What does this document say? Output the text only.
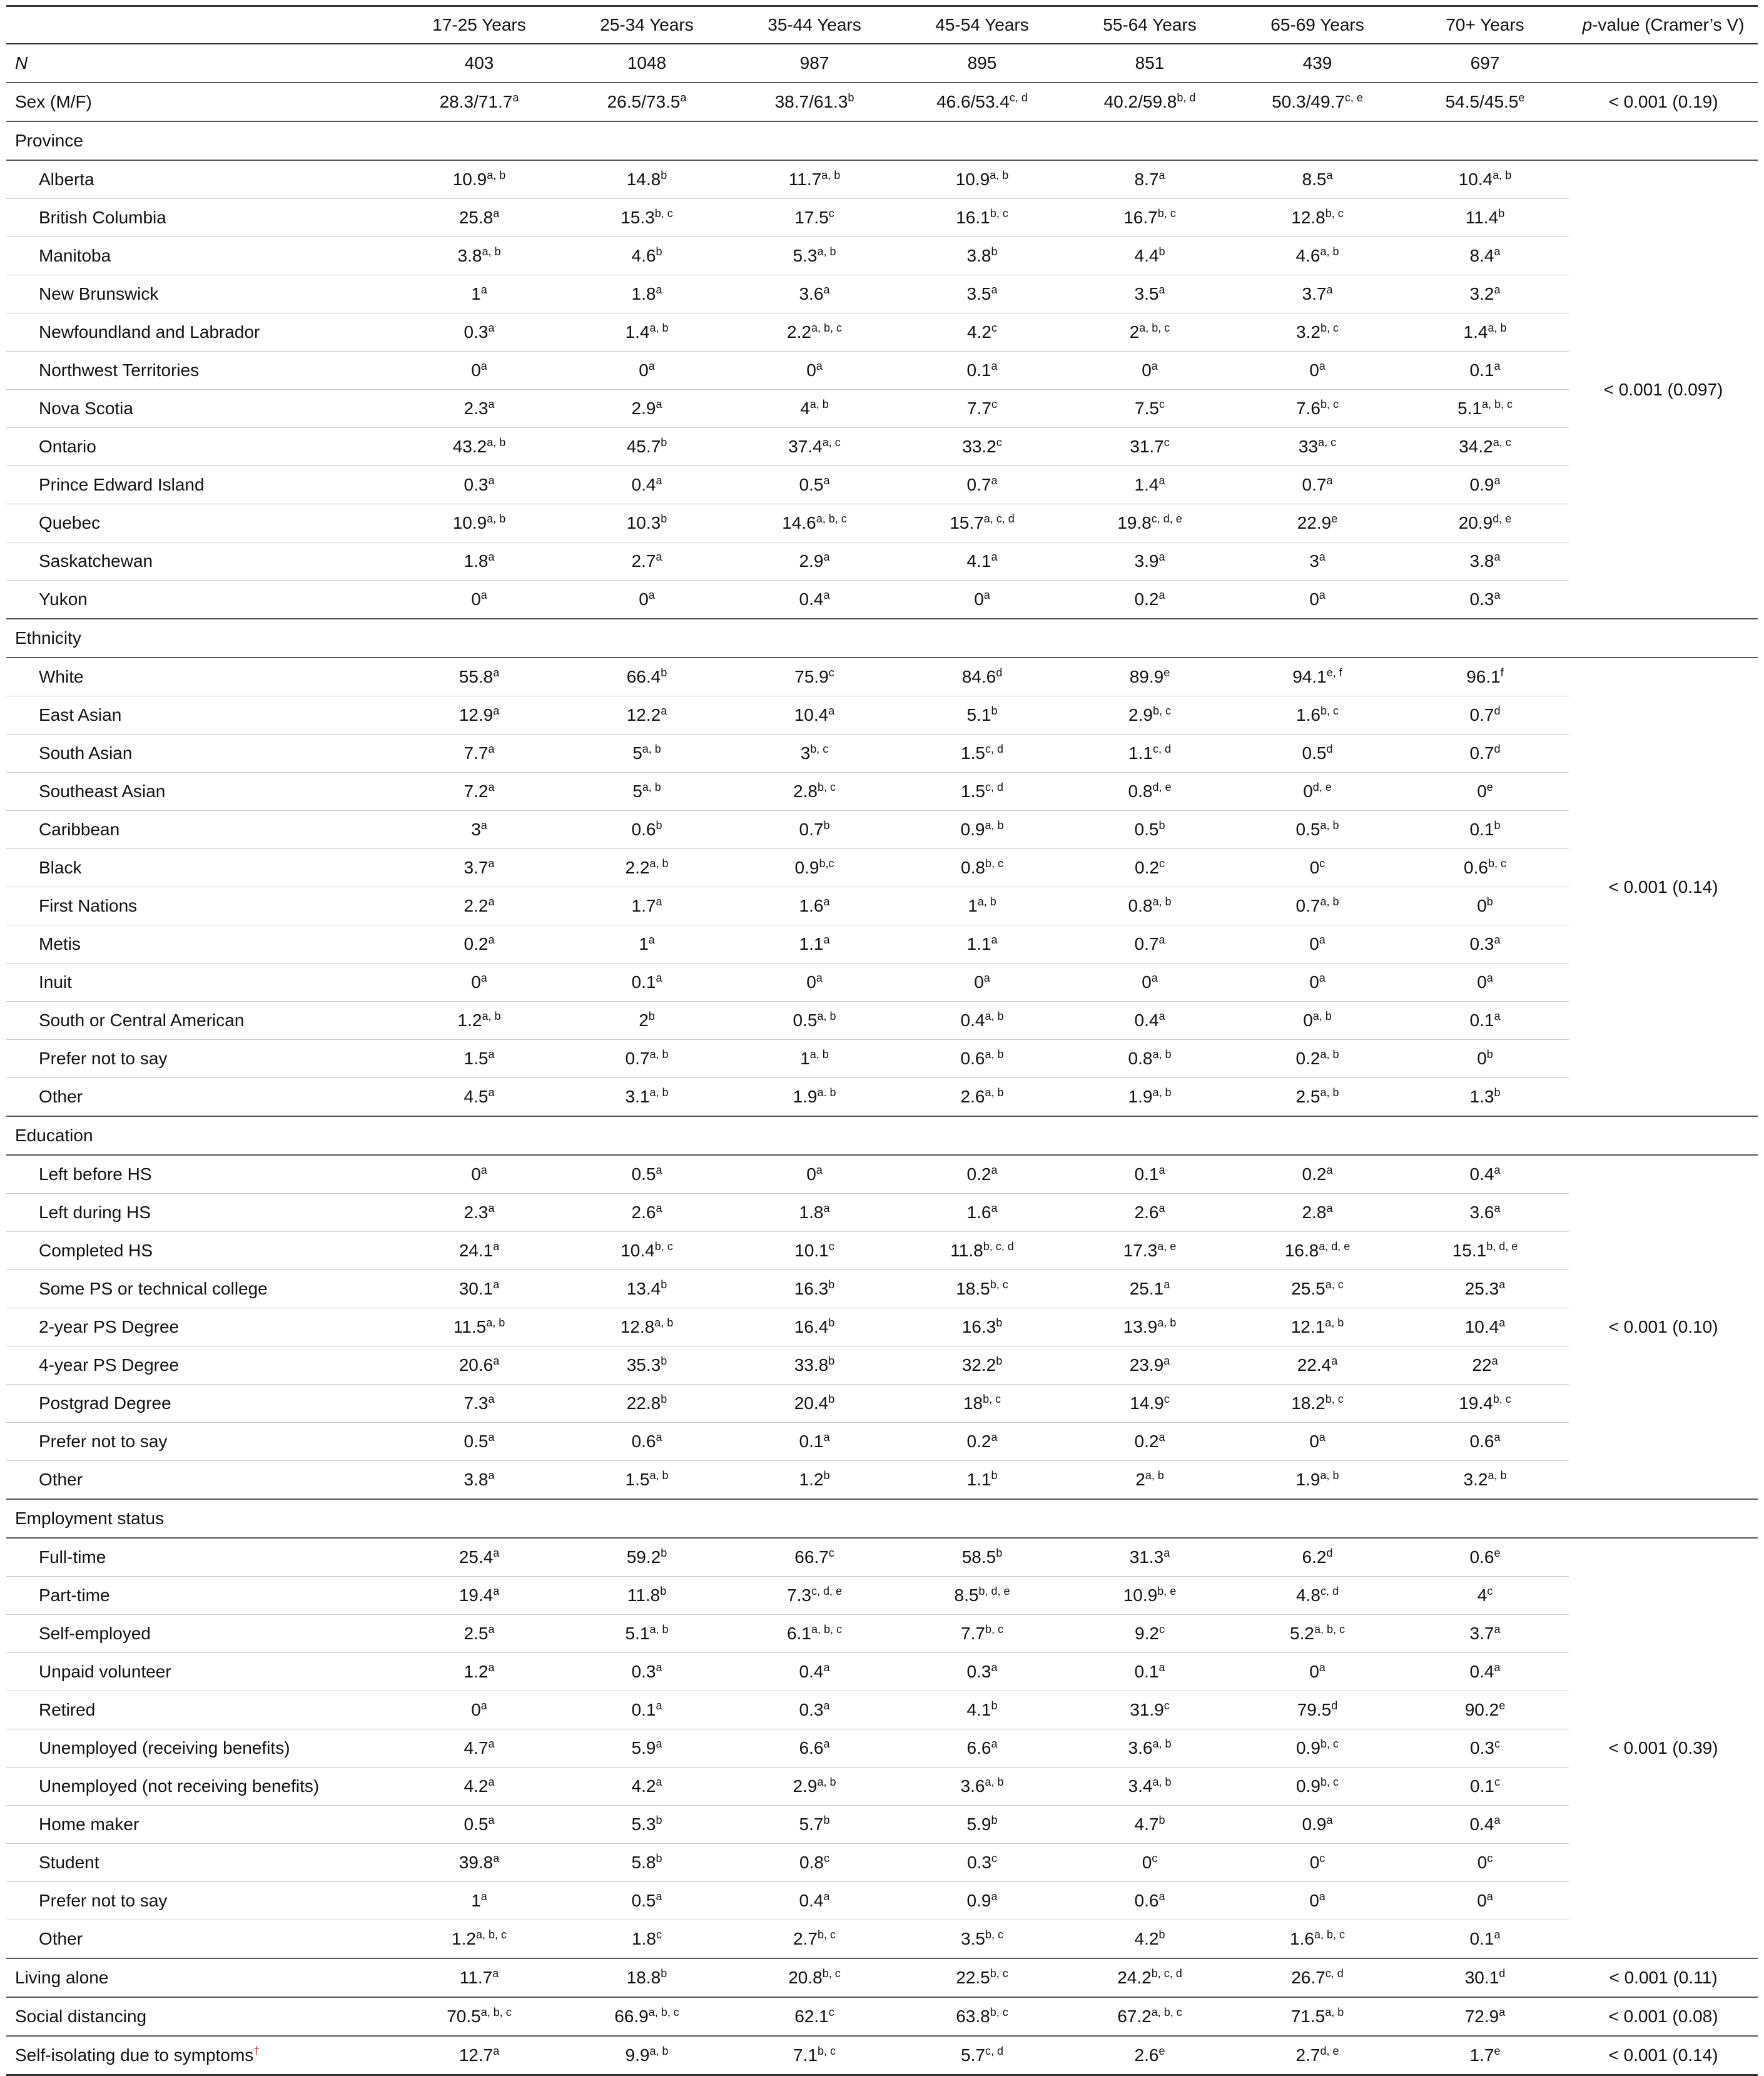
	17-25 Years	25-34 Years	35-44 Years	45-54 Years	55-64 Years	65-69 Years	70+ Years	p-value (Cramer’s V)
N	403	1048	987	895	851	439	697	
Sex (M/F)	28.3/71.7$^a$	26.5/73.5$^a$	38.7/61.3$^b$	46.6/53.4$^{c, d}$	40.2/59.8$^{b, d}$	50.3/49.7$^{c, e}$	54.5/45.5$^e$	< 0.001 (0.19)
Province								
Alberta	10.9$^{a, b}$	14.8$^b$	11.7$^{a, b}$	10.9$^{a, b}$	8.7$^a$	8.5$^a$	$10.4^{a, b}$	< 0.001 (0.097)
British Columbia	25.8$^a$	15.3$^{b, c}$	17.5$^c$	16.1$^{b, c}$	16.7$^{b, c}$	12.8$^{b, c}$	11.4$^b$
Manitoba	3.8$^{a, b}$	4.6$^b$	5.3$^{a, b}$	3.8$^b$	4.4$^b$	4.6$^{a, b}$	8.4$^a$
New Brunswick	1$^a$	1.8$^a$	3.6$^a$	3.5$^a$	3.5$^a$	3.7$^a$	3.2$^a$
Newfoundland and Labrador	0.3$^a$	1.4$^{a, b}$	2.2$^{a, b, c}$	4.2$^c$	2$^{a, b, c}$	3.2$^{b, c}$	1.4$^{a, b}$
Northwest Territories	0$^a$	0$^a$	0$^a$	0.1$^a$	0$^a$	0$^a$	0.1$^a$
Nova Scotia	2.3$^a$	2.9$^a$	4$^{a, b}$	7.7$^c$	7.5$^c$	7.6$^{b, c}$	5.1$^{a, b, c}$
Ontario	43.2$^{a, b}$	45.7$^b$	37.4$^{a, c}$	33.2$^c$	31.7$^c$	33$^{a, c}$	34.2$^{a, c}$
Prince Edward Island	0.3$^a$	0.4$^a$	0.5$^a$	0.7$^a$	1.4$^a$	0.7$^a$	0.9$^a$
Quebec	10.9$^{a, b}$	10.3$^b$	14.6$^{a, b, c}$	15.7$^{a, c, d}$	19.8$^{c, d, e}$	22.9e	20.9$^{d, e}$
Saskatchewan	1.8$^a$	2.7$^a$	2.9$^a$	4.1$^a$	3.9$^a$	3$^a$	3.8$^a$
Yukon	0$^a$	0$^a$	0.4$^a$	0$^a$	0.2$^a$	0$^a$	0.3$^a$
Ethnicity								
White	55.8$^a$	66.4$^b$	75.9$^c$	84.6$^d$	89.9e	94.1$^{e, f}$	96.1$^f$	< 0.001 (0.14)
East Asian	12.9$^a$	12.2$^a$	10.4$^a$	5.1$^b$	2.9$^{b, c}$	1.6$^{b, c}$	0.7$^d$
South Asian	7.7$^a$	5$^{a, b}$	3$^{b, c}$	1.5$^{c, d}$	1.1$^{c, d}$	0.5$^d$	0.7$^d$
Southeast Asian	7.2$^a$	5$^{a, b}$	2.8$^{b, c}$	1.5$^{c, d}$	0.8$^{d, e}$	0$^{d, e}$	0e
Caribbean	3$^a$	0.6$^b$	0.7$^b$	0.9$^{a, b}$	0.5$^b$	0.5$^{a, b}$	0.1$^b$
Black	3.7$^a$	2.2$^{a, b}$	0.9$^{b,c}$	0.8$^{b, c}$	0.2$^c$	0$^c$	0.6$^{b, c}$
First Nations	2.2$^a$	1.7$^a$	1.6$^a$	1$^{a, b}$	0.8$^{a, b}$	0.7$^{a, b}$	0$^b$
Metis	0.2$^a$	1$^a$	1.1$^a$	1.1$^a$	0.7$^a$	0$^a$	0.3$^a$
Inuit	0$^a$	0.1$^a$	0$^a$	0$^a$	0$^a$	0$^a$	0$^a$
South or Central American	1.2$^{a, b}$	2$^b$	0.5$^{a, b}$	0.4$^{a, b}$	0.4$^a$	0$^{a, b}$	0.1$^a$
Prefer not to say	1.5$^a$	0.7$^{a, b}$	1$^{a, b}$	0.6$^{a, b}$	0.8$^{a, b}$	0.2$^{a, b}$	0$^b$
Other	4.5$^a$	3.1$^{a, b}$	$1.9^{a. b}$	2.6$^{a, b}$	1.9$^{a, b}$	2.5$^{a, b}$	1.3$^b$
Education								
Left before HS	0$^a$	0.5$^a$	0$^a$	0.2$^a$	0.1$^a$	0.2$^a$	0.4$^a$	< 0.001 (0.10)
Left during HS	2.3$^a$	2.6$^a$	1.8$^a$	1.6$^a$	2.6$^a$	2.8$^a$	3.6$^a$
Completed HS	24.1$^a$	10.4$^{b, c}$	10.1$^c$	11.8$^{b, c, d}$	17.3$^{a, e}$	16.8$^{a, d, e}$	15.1$^{b, d, e}$
Some PS or technical college	30.1$^a$	13.4$^b$	16.3$^b$	18.5$^{b, c}$	25.1$^a$	25.5$^{a, c}$	25.3$^a$
2-year PS Degree	11.5$^{a, b}$	12.8$^{a, b}$	16.4$^b$	16.3$^b$	13.9$^{a, b}$	12.1$^{a, b}$	10.4$^a$
4-year PS Degree	20.6$^a$	35.3$^b$	33.8$^b$	32.2$^b$	23.9$^a$	22.4$^a$	22$^a$
Postgrad Degree	7.3$^a$	22.8$^b$	20.4$^b$	18$^{b, c}$	14.9$^c$	18.2$^{b, c}$	19.4$^{b, c}$
Prefer not to say	0.5$^a$	0.6$^a$	0.1$^a$	0.2$^a$	0.2$^a$	0$^a$	0.6$^a$
Other	3.8$^a$	1.5$^{a, b}$	1.2$^b$	1.1$^b$	2$^{a, b}$	1.9$^{a, b}$	3.2$^{a, b}$
Employment status								
Full-time	25.4$^a$	59.2$^b$	66.7$^c$	58.5$^b$	31.3$^a$	6.2$^d$	0.6$^e$	< 0.001 (0.39)
Part-time	19.4$^a$	11.8$^b$	7.3$^{c, d, e}$	8.5$^{b, d, e}$	10.9$^{b, e}$	4.8$^{c, d}$	4$^c$
Self-employed	2.5$^a$	5.1$^{a, b}$	6.1$^{a, b, c}$	7.7$^{b, c}$	9.2$^c$	5.2$^{a, b, c}$	3.7$^a$
Unpaid volunteer	1.2$^a$	0.3$^a$	0.4$^a$	0.3$^a$	0.1$^a$	0$^a$	0.4$^a$
Retired	0$^a$	0.1$^a$	0.3$^a$	4.1$^b$	31.9$^c$	79.5$^d$	90.2e
Unemployed (receiving benefits)	4.7$^a$	5.9$^a$	6.6$^a$	6.6$^a$	3.6$^{a, b}$	0.9$^{b, c}$	0.3$^c$
Unemployed (not receiving benefits)	4.2$^a$	4.2$^a$	2.9$^{a, b}$	3.6$^{a, b}$	3.4$^{a, b}$	0.9$^{b, c}$	0.1$^c$
Home maker	0.5$^a$	5.3$^b$	5.7$^b$	5.9$^b$	4.7$^b$	0.9$^a$	0.4$^a$
Student	39.8$^a$	5.8$^b$	0.8$^c$	0.3$^c$	0$^c$	0$^c$	0$^c$
Prefer not to say	1$^a$	0.5$^a$	0.4$^a$	0.9$^a$	0.6$^a$	0$^a$	0$^a$
Other	1.2$^{a, b, c}$	1.8$^c$	2.7$^{b, c}$	3.5$^{b, c}$	4.2$^b$	1.6$^{a, b, c}$	0.1$^a$
Living alone	11.7$^a$	18.8$^b$	20.8$^{b, c}$	22.5$^{b, c}$	24.2$^{b, c, d}$	26.7$^{c, d}$	30.1$^d$	< 0.001 (0.11)
Social distancing	70.5$^{a, b, c}$	66.9$^{a, b, c}$	62.1$^c$	63.8$^{b, c}$	67.2$^{a, b, c}$	71.5$^{a, b}$	72.9$^a$	< 0.001 (0.08)
Self-isolating due to symptoms†	12.7$^a$	9.9$^{a, b}$	7.1$^{b, c}$	5.7$^{c, d}$	2.6e	2.7$^{d, e}$	1.7$^e$	< 0.001 (0.14)
